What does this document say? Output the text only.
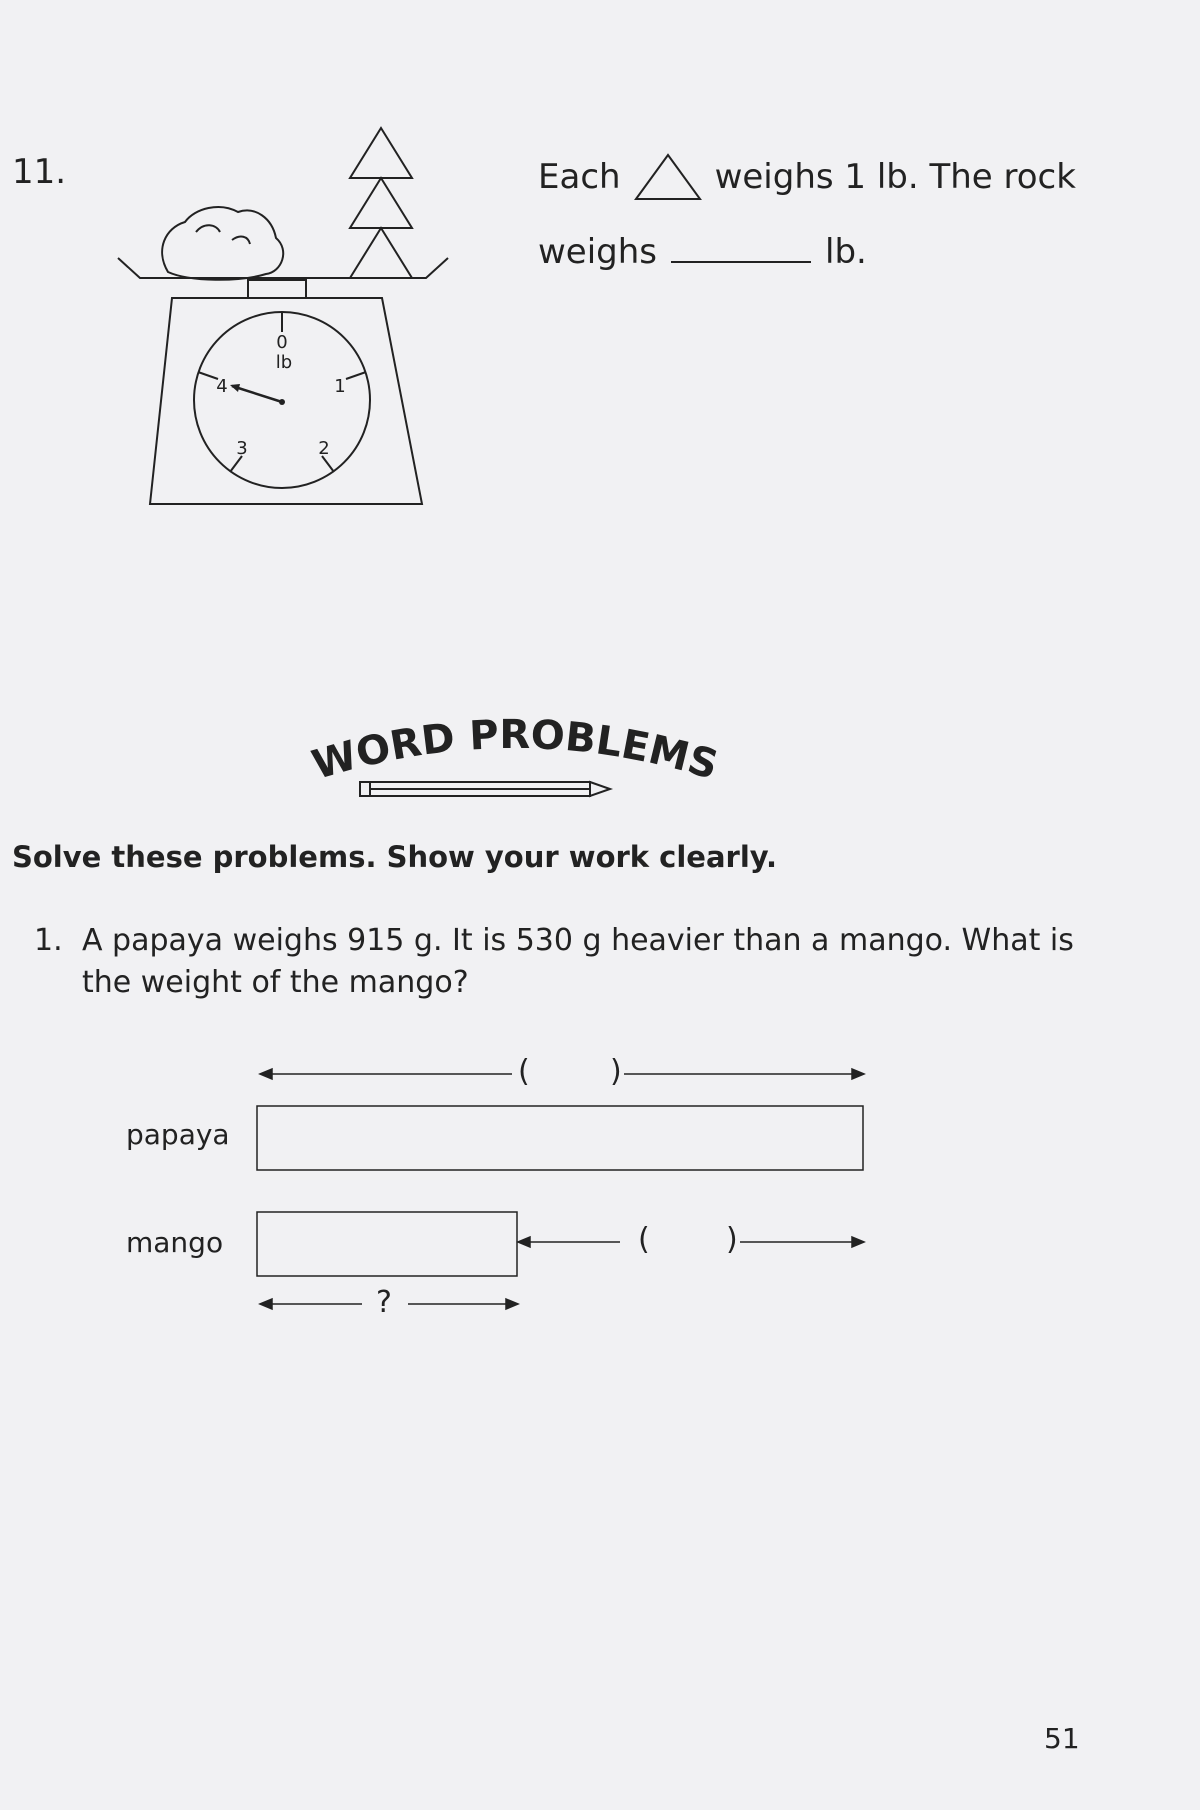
11.	Each	weighs 1 lb. The rock
weighs	lb.
0
lb
1
2
3
4
WORD PROBLEMS
Solve these problems. Show your work clearly.
1. A papaya weighs 915 g. It is 530 g heavier than a mango. What is the weight of the mango?
(	)
papaya
mango	(	)
?
51
